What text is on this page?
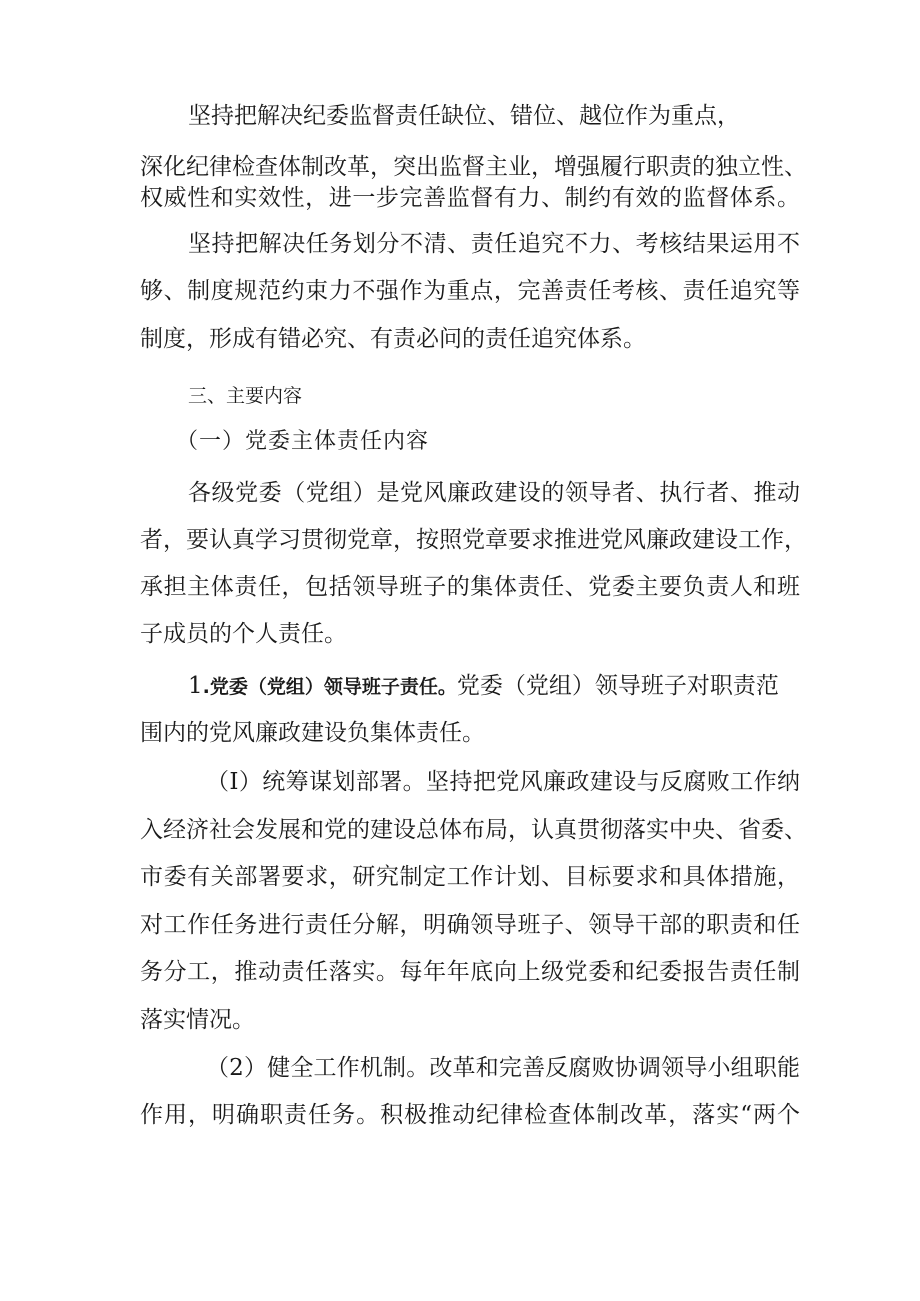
坚持把解决纪委监督责任缺位、错位、越位作为重点，
深化纪律检查体制改革，突出监督主业，增强履行职责的独立性、
权威性和实效性，进一步完善监督有力、制约有效的监督体系。
坚持把解决任务划分不清、责任追究不力、考核结果运用不
够、制度规范约束力不强作为重点，完善责任考核、责任追究等
制度，形成有错必究、有责必问的责任追究体系。
三、主要内容
（一）党委主体责任内容
各级党委（党组）是党风廉政建设的领导者、执行者、推动
者，要认真学习贯彻党章，按照党章要求推进党风廉政建设工作，
承担主体责任，包括领导班子的集体责任、党委主要负责人和班
子成员的个人责任。
1.党委（党组）领导班子责任。党委（党组）领导班子对职责范
围内的党风廉政建设负集体责任。
（I）统筹谋划部署。坚持把党风廉政建设与反腐败工作纳
入经济社会发展和党的建设总体布局，认真贯彻落实中央、省委、
市委有关部署要求，研究制定工作计划、目标要求和具体措施，
对工作任务进行责任分解，明确领导班子、领导干部的职责和任
务分工，推动责任落实。每年年底向上级党委和纪委报告责任制
落实情况。
（2）健全工作机制。改革和完善反腐败协调领导小组职能
作用，明确职责任务。积极推动纪律检查体制改革，落实“两个
